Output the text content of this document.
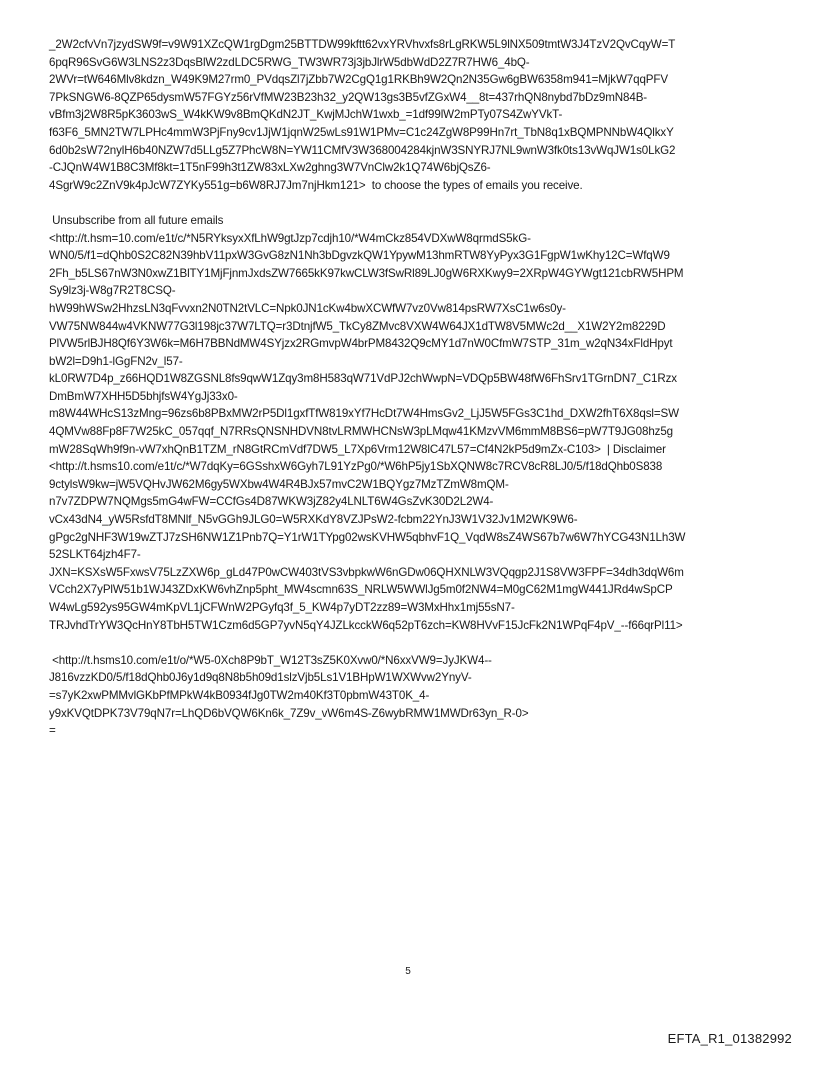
_2W2cfvVn7jzydSW9f=v9W91XZcQW1rgDgm25BTTDW99kftt62vxYRVhvxfs8rLgRKW5L9lNX509tmtW3J4TzV2QvCqyW=T
6pqR96SvG6W3LNS2z3DqsBlW2zdLDC5RWG_TW3WR73j3jbJlrW5dbWdD2Z7R7HW6_4bQ-
2WVr=tW646Mlv8kdzn_W49K9M27rm0_PVdqsZl7jZbb7W2CgQ1g1RKBh9W2Qn2N35Gw6gBW6358m941=MjkW7qqPFV
7PkSNGW6-8QZP65dysmW57FGYz56rVfMW23B23h32_y2QW13gs3B5vfZGxW4__8t=437rhQN8nybd7bDz9mN84B-
vBfm3j2W8R5pK3603wS_W4kKW9v8BmQKdN2JT_KwjMJchW1wxb_=1df99lW2mPTy07S4ZwYVkT-
f63F6_5MN2TW7LPHc4mmW3PjFny9cv1JjW1jqnW25wLs91W1PMv=C1c24ZgW8P99Hn7rt_TbN8q1xBQMPNNbW4QlkxY
6d0b2sW72nylH6b40NZW7d5LLg5Z7PhcW8N=YW11CMfV3W368004284kjnW3SNYRJ7NL9wnW3fk0ts13vWqJW1s0LkG2
-CJQnW4W1B8C3Mf8kt=1T5nF99h3t1ZW83xLXw2ghng3W7VnClw2k1Q74W6bjQsZ6-
4SgrW9c2ZnV9k4pJcW7ZYKy551g=b6W8RJ7Jm7njHkm121>  to choose the types of emails you receive.
Unsubscribe from all future emails
<http://t.hsm=10.com/e1t/c/*N5RYksyxXfLhW9gtJzp7cdjh10/*W4mCkz854VDXwW8qrmdS5kG-
WN0/5/f1=dQhb0S2C82N39hbV11pxW3GvG8zN1Nh3bDgvzkQW1YpywM13hmRTW8YyPyx3G1FgpW1wKhy12C=WfqW9
2Fh_b5LS67nW3N0xwZ1BlTY1MjFjnmJxdsZW7665kK97kwCLW3fSwRl89LJ0gW6RXKwy9=2XRpW4GYWgt121cbRW5HPM
Sy9lz3j-W8g7R2T8CSQ-
hW99hWSw2HhzsLN3qFvvxn2N0TN2tVLC=Npk0JN1cKw4bwXCWfW7vz0Vw814psRW7XsC1w6s0y-
VW75NW844w4VKNW77G3l198jc37W7LTQ=r3DtnjfW5_TkCy8ZMvc8VXW4W64JX1dTW8V5MWc2d__X1W2Y2m8229D
PlVW5rlBJH8Qf6Y3W6k=M6H7BBNdMW4SYjzx2RGmvpW4brPM8432Q9cMY1d7nW0CfmW7STP_31m_w2qN34xFldHpyt
bW2l=D9h1-lGgFN2v_l57-
kL0RW7D4p_z66HQD1W8ZGSNL8fs9qwW1Zqy3m8H583qW71VdPJ2chWwpN=VDQp5BW48fW6FhSrv1TGrnDN7_C1Rzx
DmBmW7XHH5D5bhjfsW4YgJj33x0-
m8W44WHcS13zMng=96zs6b8PBxMW2rP5Dl1gxfTfW819xYf7HcDt7W4HmsGv2_LjJ5W5FGs3C1hd_DXW2fhT6X8qsl=SW
4QMVw88Fp8F7W25kC_057qqf_N7RRsQNSNHDVN8tvLRMWHCNsW3pLMqw41KMzvVM6mmM8BS6=pW7T9JG08hz5g
mW28SqWh9f9n-vW7xhQnB1TZM_rN8GtRCmVdf7DW5_L7Xp6Vrm12W8lC47L57=Cf4N2kP5d9mZx-C103>  | Disclaimer
<http://t.hsms10.com/e1t/c/*W7dqKy=6GSshxW6Gyh7L91YzPg0/*W6hP5jy1SbXQNW8c7RCV8cR8LJ0/5/f18dQhb0S838
9ctylsW9kw=jW5VQHvJW62M6gy5WXbw4W4R4BJx57mvC2W1BQYgz7MzTZmW8mQM-
n7v7ZDPW7NQMgs5mG4wFW=CCfGs4D87WKW3jZ82y4LNLT6W4GsZvK30D2L2W4-
vCx43dN4_yW5RsfdT8MNlf_N5vGGh9JLG0=W5RXKdY8VZJPsW2-fcbm22YnJ3W1V32Jv1M2WK9W6-
gPgc2gNHF3W19wZTJ7zSH6NW1Z1Pnb7Q=Y1rW1TYpg02wsKVHW5qbhvF1Q_VqdW8sZ4WS67b7w6W7hYCG43N1Lh3W
52SLKT64jzh4F7-
JXN=KSXsW5FxwsV75LzZXW6p_gLd47P0wCW403tVS3vbpkwW6nGDw06QHXNLW3VQqgp2J1S8VW3FPF=34dh3dqW6m
VCch2X7yPlW51b1WJ43ZDxKW6vhZnp5pht_MW4scmn63S_NRLW5WWlJg5m0f2NW4=M0gC62M1mgW441JRd4wSpCP
W4wLg592ys95GW4mKpVL1jCFWnW2PGyfq3f_5_KW4p7yDT2zz89=W3MxHhx1mj55sN7-
TRJvhdTrYW3QcHnY8TbH5TW1Czm6d5GP7yvN5qY4JZLkcckW6q52pT6zch=KW8HVvF15JcFk2N1WPqF4pV_--f66qrPl11>
<http://t.hsms10.com/e1t/o/*W5-0Xch8P9bT_W12T3sZ5K0Xvw0/*N6xxVW9=JyJKW4--
J816vzzKD0/5/f18dQhb0J6y1d9q8N8b5h09d1slzVjb5Ls1V1BHpW1WXWvw2YnyV-
=s7yK2xwPMMvlGKbPfMPkW4kB0934fJg0TW2m40Kf3T0pbmW43T0K_4-
y9xKVQtDPK73V79qN7r=LhQD6bVQW6Kn6k_7Z9v_vW6m4S-Z6wybRMW1MWDr63yn_R-0>
=
5
EFTA_R1_01382992
